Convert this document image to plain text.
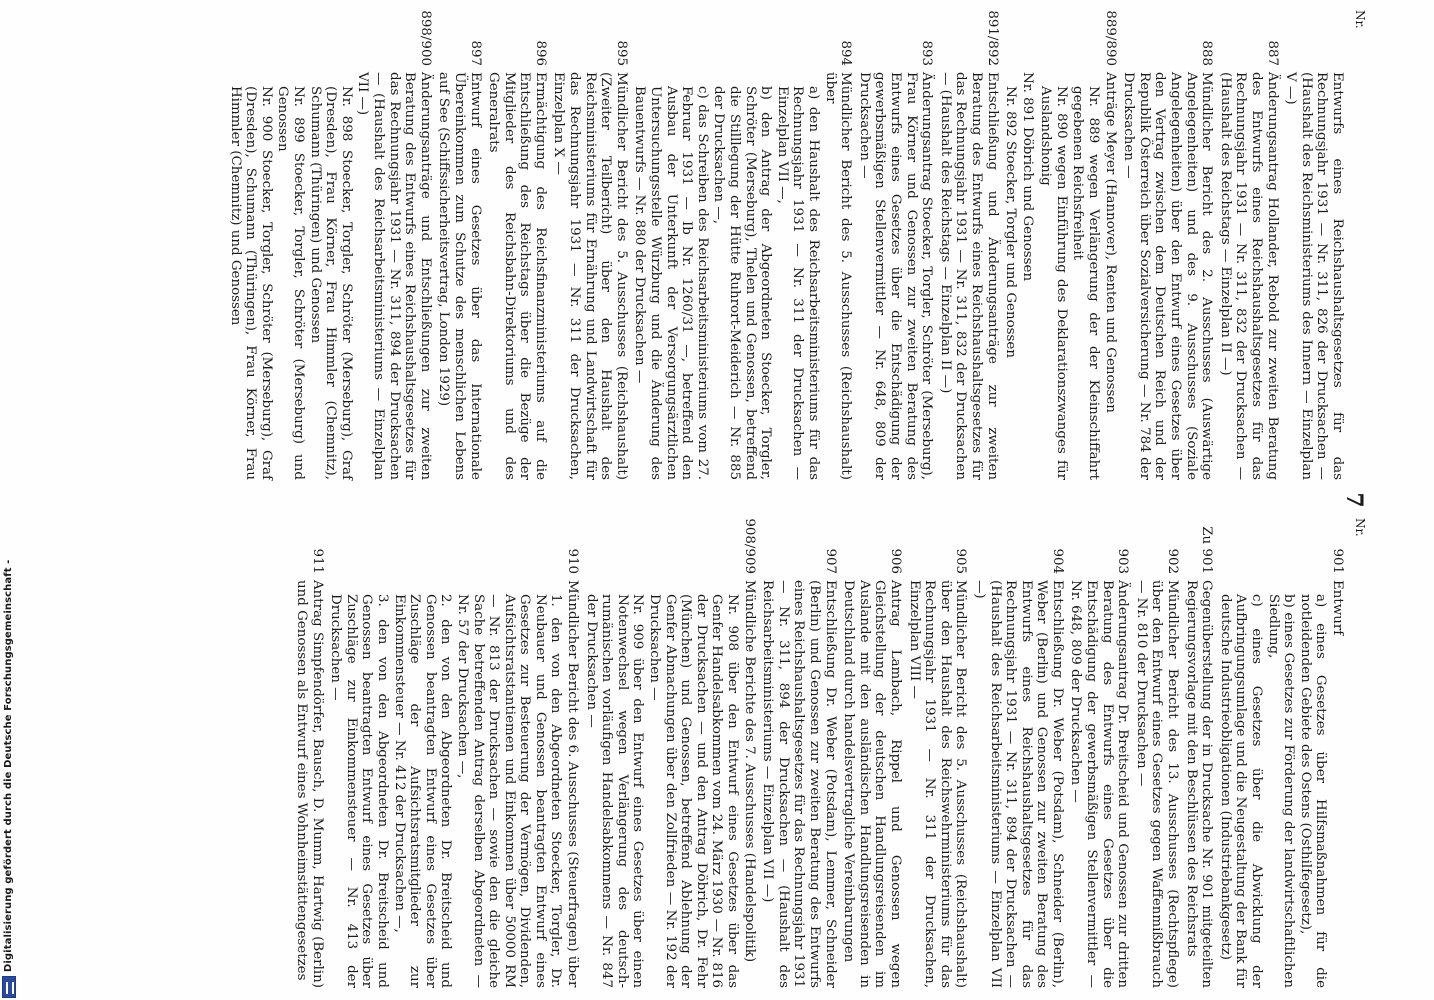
Nr.
Entwurfs eines Reichshaushaltsgesetzes für das Rechnungsjahr 1931 — Nr. 311, 826 der Drucksachen — (Haushalt des Reichsministeriums des Innern — Einzelplan V —)
887
Änderungsantrag Hollander, Rebold zur zweiten Beratung des Entwurfs eines Reichshaushaltsgesetzes für das Rechnungsjahr 1931 — Nr. 311, 832 der Drucksachen — (Haushalt des Reichstags — Einzelplan II —)
888
Mündlicher Bericht des 2. Ausschusses (Auswärtige Angelegenheiten) und des 9. Ausschusses (Soziale Angelegenheiten) über den Entwurf eines Gesetzes über den Vertrag zwischen dem Deutschen Reich und der Republik Österreich über Sozialversicherung — Nr. 784 der Drucksachen —
889/890
Anträge Meyer (Hannover), Renten und Genossen
Nr. 889 wegen Verlängerung der der Kleinschiffahrt gegebenen Reichsfreiheit
Nr. 890 wegen Einführung des Deklarationszwanges für Auslandshonig
Nr. 891 Döbrich und Genossen
Nr. 892 Stoecker, Torgler und Genossen
891/892
Entschließung und Änderungsanträge zur zweiten Beratung des Entwurfs eines Reichshaushaltsgesetzes für das Rechnungsjahr 1931 — Nr. 311, 832 der Drucksachen — (Haushalt des Reichstags — Einzelplan II —)
893
Änderungsantrag Stoecker, Torgler, Schröter (Merseburg), Frau Körner und Genossen zur zweiten Beratung des Entwurfs eines Gesetzes über die Entschädigung der gewerbsmäßigen Stellenvermittler — Nr. 648, 809 der Drucksachen —
894
Mündlicher Bericht des 5. Ausschusses (Reichshaushalt) über
a) den Haushalt des Reichsarbeitsministeriums für das Rechnungsjahr 1931 — Nr. 311 der Drucksachen — Einzelplan VII —,
b) den Antrag der Abgeordneten Stoecker, Torgler, Schröter (Merseburg), Thelen und Genossen, betreffend die Stilllegung der Hütte Ruhrort-Meiderich — Nr. 885 der Drucksachen —,
c) das Schreiben des Reichsarbeitsministeriums vom 27. Februar 1931 — Ib Nr. 1260/31 —, betreffend den Ausbau der Unterkunft der Versorgungsärztlichen Untersuchungsstelle Würzburg und die Änderung des Bauentwurfs — Nr. 880 der Drucksachen —
895
Mündlicher Bericht des 5. Ausschusses (Reichshaushalt) (Zweiter Teilbericht) über den Haushalt des Reichsministeriums für Ernährung und Landwirtschaft für das Rechnungsjahr 1931 — Nr. 311 der Drucksachen, Einzelplan X —
896
Ermächtigung des Reichsfinanzministeriums auf die Entschließung des Reichstags über die Bezüge der Mitglieder des Reichsbahn-Direktoriums und des Generalrats
897
Entwurf eines Gesetzes über das Internationale Übereinkommen zum Schutze des menschlichen Lebens auf See (Schiffssicherheitsvertrag, London 1929)
898/900
Änderungsanträge und Entschließungen zur zweiten Beratung des Entwurfs eines Reichshaushaltsgesetzes für das Rechnungsjahr 1931 — Nr. 311, 894 der Drucksachen — (Haushalt des Reichsarbeitsministeriums — Einzelplan VII —)
Nr. 898 Stoecker, Torgler, Schröter (Merseburg), Graf (Dresden), Frau Körner, Frau Himmler (Chemnitz), Schumann (Thüringen) und Genossen
Nr. 899 Stoecker, Torgler, Schröter (Merseburg) und Genossen
Nr. 900 Stoecker, Torgler, Schröter (Merseburg), Graf (Dresden), Schumann (Thüringen), Frau Körner, Frau Himmler (Chemnitz) und Genossen
7
Nr.
901
Entwurf
a) eines Gesetzes über Hilfsmaßnahmen für die notleidenden Gebiete des Ostens (Osthilfegesetz),
b) eines Gesetzes zur Förderung der landwirtschaftlichen Siedlung,
c) eines Gesetzes über die Abwicklung der Aufbringungsumlage und die Neugestaltung der Bank für deutsche Industrieobligationen (Industriebankgesetz)
Zu 901
Gegenüberstellung der in Drucksache Nr. 901 mitgeteilten Regierungsvorlage mit den Beschlüssen des Reichsrats
902
Mündlicher Bericht des 13. Ausschusses (Rechtspflege) über den Entwurf eines Gesetzes gegen Waffenmißbrauch — Nr. 810 der Drucksachen —
903
Änderungsantrag Dr. Breitscheid und Genossen zur dritten Beratung des Entwurfs eines Gesetzes über die Entschädigung der gewerbsmäßigen Stellenvermittler — Nr. 648, 809 der Drucksachen —
904
Entschließung Dr. Weber (Potsdam), Schneider (Berlin), Weber (Berlin) und Genossen zur zweiten Beratung des Entwurfs eines Reichshaushaltsgesetzes für das Rechnungsjahr 1931 — Nr. 311, 894 der Drucksachen — (Haushalt des Reichsarbeitsministeriums — Einzelplan VII —)
905
Mündlicher Bericht des 5. Ausschusses (Reichshaushalt) über den Haushalt des Reichswehrministeriums für das Rechnungsjahr 1931 — Nr. 311 der Drucksachen, Einzelplan VIII —
906
Antrag Lambach, Rippel und Genossen wegen Gleichstellung der deutschen Handlungsreisenden im Auslande mit den ausländischen Handlungsreisenden in Deutschland durch handelsvertragliche Vereinbarungen
907
Entschließung Dr. Weber (Potsdam), Lemmer, Schneider (Berlin) und Genossen zur zweiten Beratung des Entwurfs eines Reichshaushaltsgesetzes für das Rechnungsjahr 1931 — Nr. 311, 894 der Drucksachen — (Haushalt des Reichsarbeitsministeriums — Einzelplan VII —)
908/909
Mündliche Berichte des 7. Ausschusses (Handelspolitik)
Nr. 908 über den Entwurf eines Gesetzes über das Genfer Handelsabkommen vom 24. März 1930 — Nr. 816 der Drucksachen — und den Antrag Döbrich, Dr. Fehr (München) und Genossen, betreffend Ablehnung der Genfer Abmachungen über den Zollfrieden — Nr. 192 der Drucksachen —
Nr. 909 über den Entwurf eines Gesetzes über einen Notenwechsel wegen Verlängerung des deutsch-rumänischen vorläufigen Handelsabkommens — Nr. 847 der Drucksachen —
910
Mündlicher Bericht des 6. Ausschusses (Steuerfragen) über
1. den von den Abgeordneten Stoecker, Torgler, Dr. Neubauer und Genossen beantragten Entwurf eines Gesetzes zur Besteuerung der Vermögen, Dividenden, Aufsichtsratstantiemen und Einkommen über 50000 RM — Nr. 813 der Drucksachen — sowie den die gleiche Sache betreffenden Antrag derselben Abgeordneten — Nr. 57 der Drucksachen —,
2. den von den Abgeordneten Dr. Breitscheid und Genossen beantragten Entwurf eines Gesetzes über Zuschläge der Aufsichtsratsmitglieder zur Einkommensteuer — Nr. 412 der Drucksachen —,
3. den von den Abgeordneten Dr. Breitscheid und Genossen beantragten Entwurf eines Gesetzes über Zuschläge zur Einkommensteuer — Nr. 413 der Drucksachen —
911
Antrag Simpfendörfer, Bausch, D. Mumm, Hartwig (Berlin) und Genossen als Entwurf eines Wohnheimstättengesetzes
Digitalisierung gefördert durch die Deutsche Forschungsgemeinschaft -
